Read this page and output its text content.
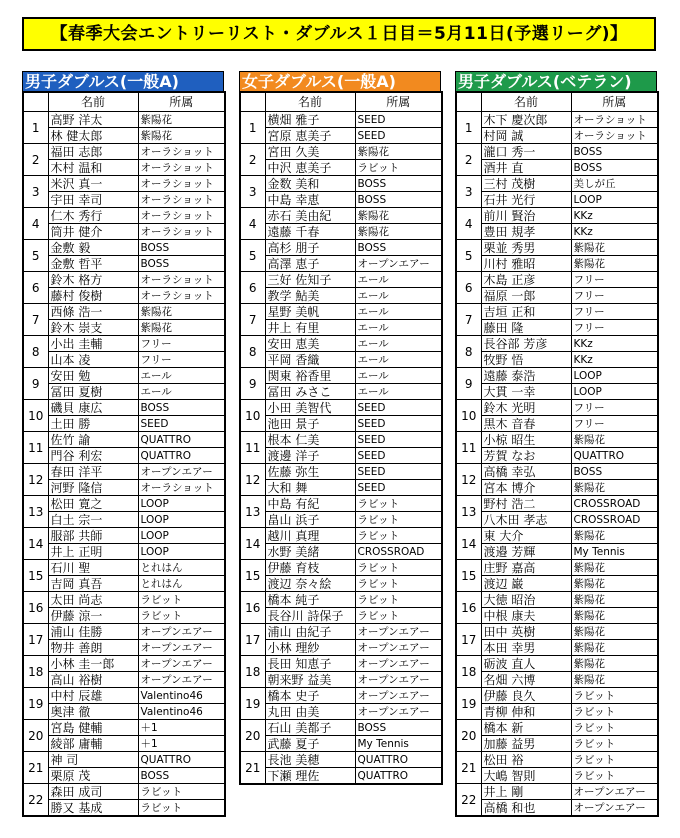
【春季大会エントリーリスト・ダブルス１日目＝5月11日(予選リーグ)】
男子ダブルス(一般A)
	名前	所属
1	高野 洋太	紫陽花
	林 健太郎	紫陽花
2	福田 志郎	オーラショット
	木村 温和	オーラショット
3	米沢 真一	オーラショット
	宇田 幸司	オーラショット
4	仁木 秀行	オーラショット
	筒井 健介	オーラショット
5	金敷 毅	BOSS
	金敷 哲平	BOSS
6	鈴木 格方	オーラショット
	藤村 俊樹	オーラショット
7	西條 浩一	紫陽花
	鈴木 崇支	紫陽花
8	小出 圭輔	フリー
	山本 凌	フリー
9	安田 勉	エール
	冨田 夏樹	エール
10	磯貝 康広	BOSS
	土田 勝	SEED
11	佐竹 諭	QUATTRO
	門谷 利宏	QUATTRO
12	春田 洋平	オープンエアー
	河野 隆信	オーラショット
13	松田 寛之	LOOP
	白土 宗一	LOOP
14	服部 共師	LOOP
	井上 正明	LOOP
15	石川 聖	とれはん
	吉岡 真吾	とれはん
16	太田 尚志	ラビット
	伊藤 涼一	ラビット
17	浦山 佳勝	オープンエアー
	物井 善朗	オープンエアー
18	小林 圭一郎	オープンエアー
	高山 裕樹	オープンエアー
19	中村 辰雄	Valentino46
	奥津 徹	Valentino46
20	宮島 健輔	＋1
	綾部 庸輔	＋1
21	神 司	QUATTRO
	栗原 茂	BOSS
22	森田 成司	ラビット
	勝又 基成	ラビット
女子ダブルス(一般A)
	名前	所属
1	横畑 雅子	SEED
	宮原 恵美子	SEED
2	宮田 久美	紫陽花
	中沢 恵美子	ラビット
3	金数 美和	BOSS
	中島 幸恵	BOSS
4	赤石 美由紀	紫陽花
	遠藤 千春	紫陽花
5	高杉 朋子	BOSS
	高澤 恵子	オープンエアー
6	三好 佐知子	エール
	教学 鮎美	エール
7	星野 美帆	エール
	井上 有里	エール
8	安田 恵美	エール
	平岡 香織	エール
9	関東 裕香里	エール
	冨田 みさこ	エール
10	小田 美智代	SEED
	池田 景子	SEED
11	根本 仁美	SEED
	渡邊 洋子	SEED
12	佐藤 弥生	SEED
	大和 舞	SEED
13	中島 有紀	ラビット
	畠山 浜子	ラビット
14	越川 真理	ラビット
	水野 美緒	CROSSROAD
15	伊藤 育枝	ラビット
	渡辺 奈々絵	ラビット
16	橋本 純子	ラビット
	長谷川 詩保子	ラビット
17	浦山 由紀子	オープンエアー
	小林 理紗	オープンエアー
18	長田 知恵子	オープンエアー
	朝来野 益美	オープンエアー
19	橋本 史子	オープンエアー
	丸田 由美	オープンエアー
20	石山 美都子	BOSS
	武藤 夏子	My Tennis
21	長池 美穂	QUATTRO
	下瀬 理佐	QUATTRO
男子ダブルス(ベテラン)
	名前	所属
1	木下 慶次郎	オーラショット
	村岡 誠	オーラショット
2	瀧口 秀一	BOSS
	酒井 直	BOSS
3	三村 茂樹	美しが丘
	石井 光行	LOOP
4	前川 賢治	KKz
	豊田 規孝	KKz
5	栗並 秀男	紫陽花
	川村 雅昭	紫陽花
6	木島 正彦	フリー
	福原 一郎	フリー
7	吉垣 正和	フリー
	藤田 隆	フリー
8	長谷部 芳彦	KKz
	牧野 悟	KKz
9	遠藤 泰浩	LOOP
	大貫 一幸	LOOP
10	鈴木 光明	フリー
	黒木 音春	フリー
11	小椋 昭生	紫陽花
	芳賀 なお	QUATTRO
12	高橋 幸弘	BOSS
	宮本 博介	紫陽花
13	野村 浩二	CROSSROAD
	八木田 孝志	CROSSROAD
14	東 大介	紫陽花
	渡邉 芳輝	My Tennis
15	庄野 嘉高	紫陽花
	渡辺 巌	紫陽花
16	大徳 昭治	紫陽花
	中根 康夫	紫陽花
17	田中 英樹	紫陽花
	本田 幸男	紫陽花
18	砺波 直人	紫陽花
	名畑 六博	紫陽花
19	伊藤 良久	ラビット
	青柳 伸和	ラビット
20	橋本 新	ラビット
	加藤 益男	ラビット
21	松田 裕	ラビット
	大嶋 智則	ラビット
22	井上 剛	オープンエアー
	高橋 和也	オープンエアー
